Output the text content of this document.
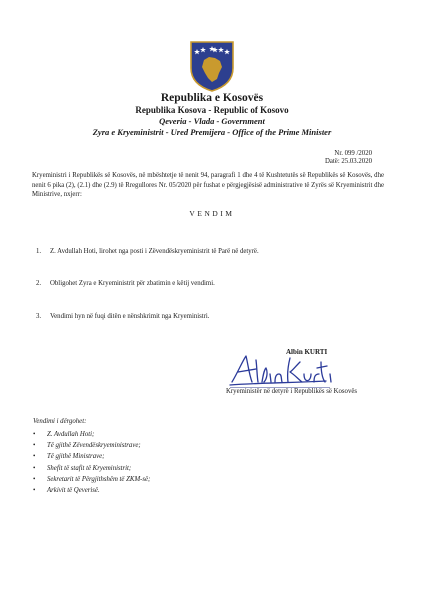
Republika e Kosovës
Republika Kosova - Republic of Kosovo
Qeveria - Vlada - Government
Zyra e Kryeministrit - Ured Premijera - Office of the Prime Minister
Nr. 099 /2020
Datë: 25.03.2020
Kryeministri i Republikës së Kosovës, në mbështetje të nenit 94, paragrafi 1 dhe 4 të Kushtetutës së Republikës së Kosovës, dhe nenit 6 pika (2), (2.1) dhe (2.9) të Rregullores Nr. 05/2020 për fushat e përgjegjësisë administrative të Zyrës së Kryeministrit dhe Ministrive, nxjerr:
VENDIM
1. Z. Avdullah Hoti, lirohet nga posti i Zëvendëskryeministrit të Parë në detyrë.
2. Obligohet Zyra e Kryeministrit për zbatimin e këtij vendimi.
3. Vendimi hyn në fuqi ditën e nënshkrimit nga Kryeministri.
Albin KURTI
Kryeministër në detyrë i Republikës së Kosovës
Vendimi i dërgohet:
• Z. Avdullah Hoti;
• Të gjithë Zëvendëskryeministrave;
• Të gjithë Ministrave;
• Shefit të stafit të Kryeministrit;
• Sekretarit të Përgjithshëm të ZKM-së;
• Arkivit të Qeverisë.
